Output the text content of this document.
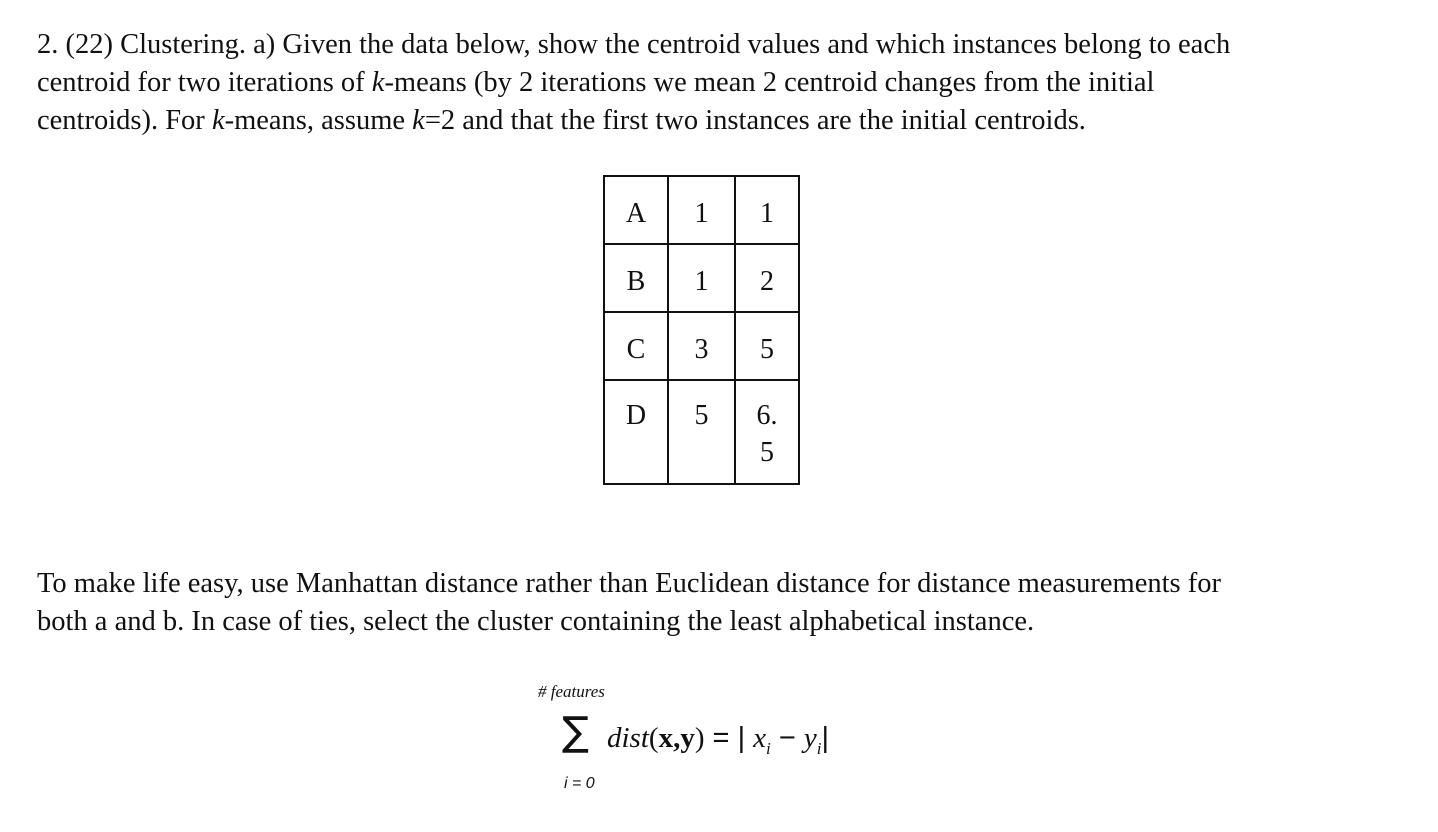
2. (22) Clustering. a) Given the data below, show the centroid values and which instances belong to each
centroid for two iterations of k-means (by 2 iterations we mean 2 centroid changes from the initial
centroids). For k-means, assume k=2 and that the first two instances are the initial centroids.
A	1	1
B	1	2
C	3	5
D	5	6.
5
To make life easy, use Manhattan distance rather than Euclidean distance for distance measurements for
both a and b. In case of ties, select the cluster containing the least alphabetical instance.
# features
∑
i = 0
dist(x,y) = | $x_i - y_i|$
